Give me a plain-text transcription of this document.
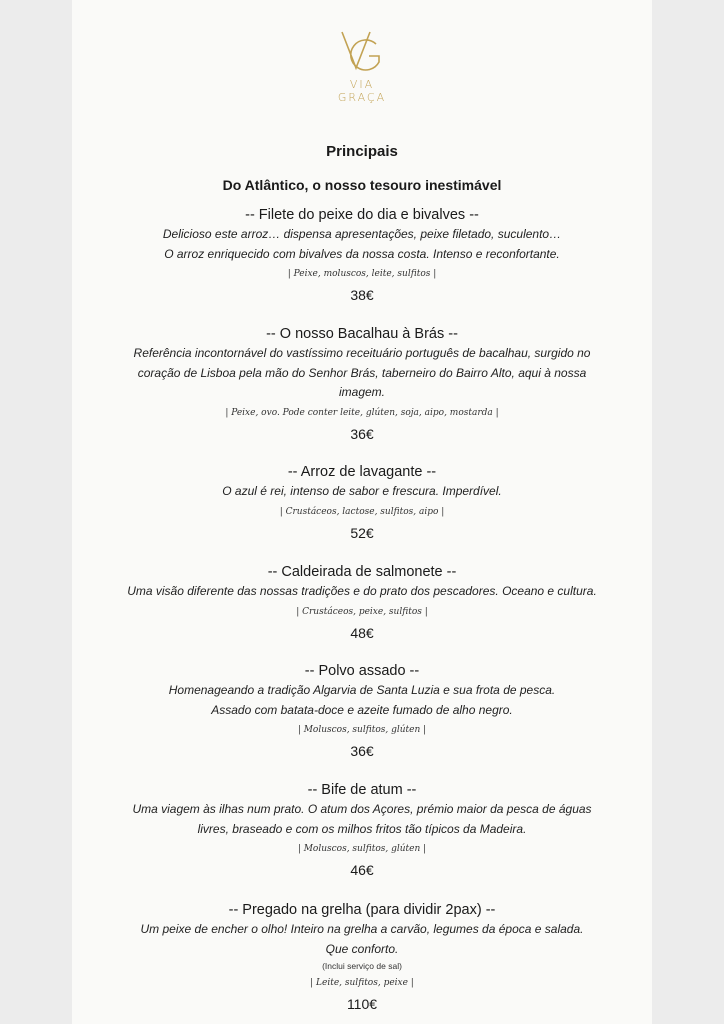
VIA
GRAÇA
Principais
Do Atlântico, o nosso tesouro inestimável
-- Filete do peixe do dia e bivalves --
Delicioso este arroz… dispensa apresentações, peixe filetado, suculento…
O arroz enriquecido com bivalves da nossa costa. Intenso e reconfortante.
| Peixe, moluscos, leite, sulfitos |
38€
-- O nosso Bacalhau à Brás --
Referência incontornável do vastíssimo receituário português de bacalhau, surgido no
coração de Lisboa pela mão do Senhor Brás, taberneiro do Bairro Alto, aqui à nossa
imagem.
| Peixe, ovo. Pode conter leite, glúten, soja, aipo, mostarda |
36€
-- Arroz de lavagante --
O azul é rei, intenso de sabor e frescura. Imperdível.
| Crustáceos, lactose, sulfitos, aipo |
52€
-- Caldeirada de salmonete --
Uma visão diferente das nossas tradições e do prato dos pescadores. Oceano e cultura.
| Crustáceos, peixe, sulfitos |
48€
-- Polvo assado --
Homenageando a tradição Algarvia de Santa Luzia e sua frota de pesca.
Assado com batata-doce e azeite fumado de alho negro.
| Moluscos, sulfitos, glúten |
36€
-- Bife de atum --
Uma viagem às ilhas num prato. O atum dos Açores, prémio maior da pesca de águas
livres, braseado e com os milhos fritos tão típicos da Madeira.
| Moluscos, sulfitos, glúten |
46€
-- Pregado na grelha (para dividir 2pax) --
Um peixe de encher o olho! Inteiro na grelha a carvão, legumes da época e salada.
Que conforto.
(Inclui serviço de sal)
| Leite, sulfitos, peixe |
110€
